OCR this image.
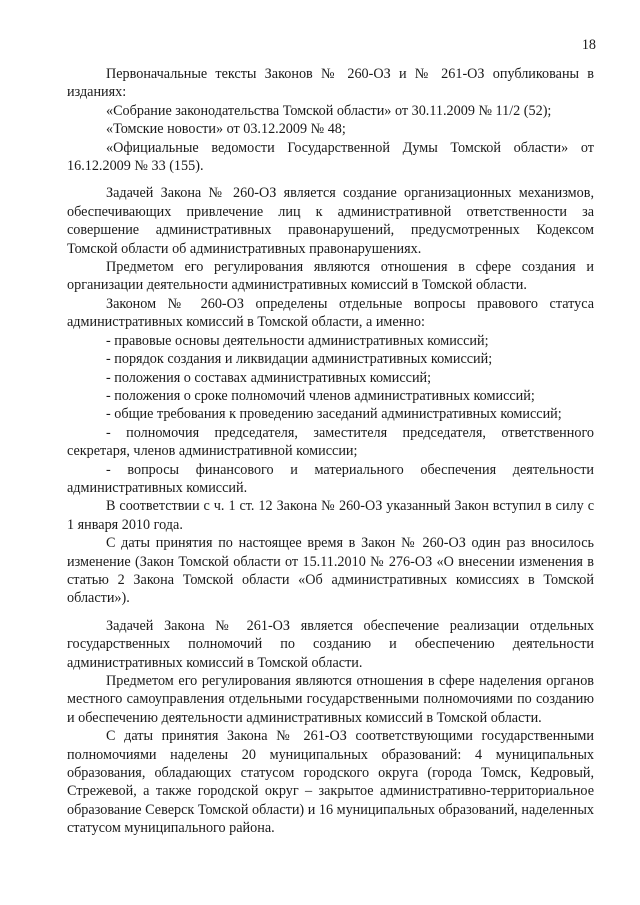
18

Первоначальные тексты Законов № 260-ОЗ и № 261-ОЗ опубликованы в изданиях:

«Собрание законодательства Томской области» от 30.11.2009 № 11/2 (52);

«Томские новости» от 03.12.2009 № 48;

«Официальные ведомости Государственной Думы Томской области» от 16.12.2009 № 33 (155).

Задачей Закона № 260-ОЗ является создание организационных механизмов, обеспечивающих привлечение лиц к административной ответственности за совершение административных правонарушений, предусмотренных Кодексом Томской области об административных правонарушениях.

Предметом его регулирования являются отношения в сфере создания и организации деятельности административных комиссий в Томской области.

Законом № 260-ОЗ определены отдельные вопросы правового статуса административных комиссий в Томской области, а именно:

- правовые основы деятельности административных комиссий;

- порядок создания и ликвидации административных комиссий;

- положения о составах административных комиссий;

- положения о сроке полномочий членов административных комиссий;

- общие требования к проведению заседаний административных комиссий;

- полномочия председателя, заместителя председателя, ответственного секретаря, членов административной комиссии;

- вопросы финансового и материального обеспечения деятельности административных комиссий.

В соответствии с ч. 1 ст. 12 Закона № 260-ОЗ указанный Закон вступил в силу с 1 января 2010 года.

С даты принятия по настоящее время в Закон № 260-ОЗ один раз вносилось изменение (Закон Томской области от 15.11.2010 № 276-ОЗ «О внесении изменения в статью 2 Закона Томской области «Об административных комиссиях в Томской области»).

Задачей Закона № 261-ОЗ является обеспечение реализации отдельных государственных полномочий по созданию и обеспечению деятельности административных комиссий в Томской области.

Предметом его регулирования являются отношения в сфере наделения органов местного самоуправления отдельными государственными полномочиями по созданию и обеспечению деятельности административных комиссий в Томской области.

С даты принятия Закона № 261-ОЗ соответствующими государственными полномочиями наделены 20 муниципальных образований: 4 муниципальных образования, обладающих статусом городского округа (города Томск, Кедровый, Стрежевой, а также городской округ – закрытое административно-территориальное образование Северск Томской области) и 16 муниципальных образований, наделенных статусом муниципального района.
